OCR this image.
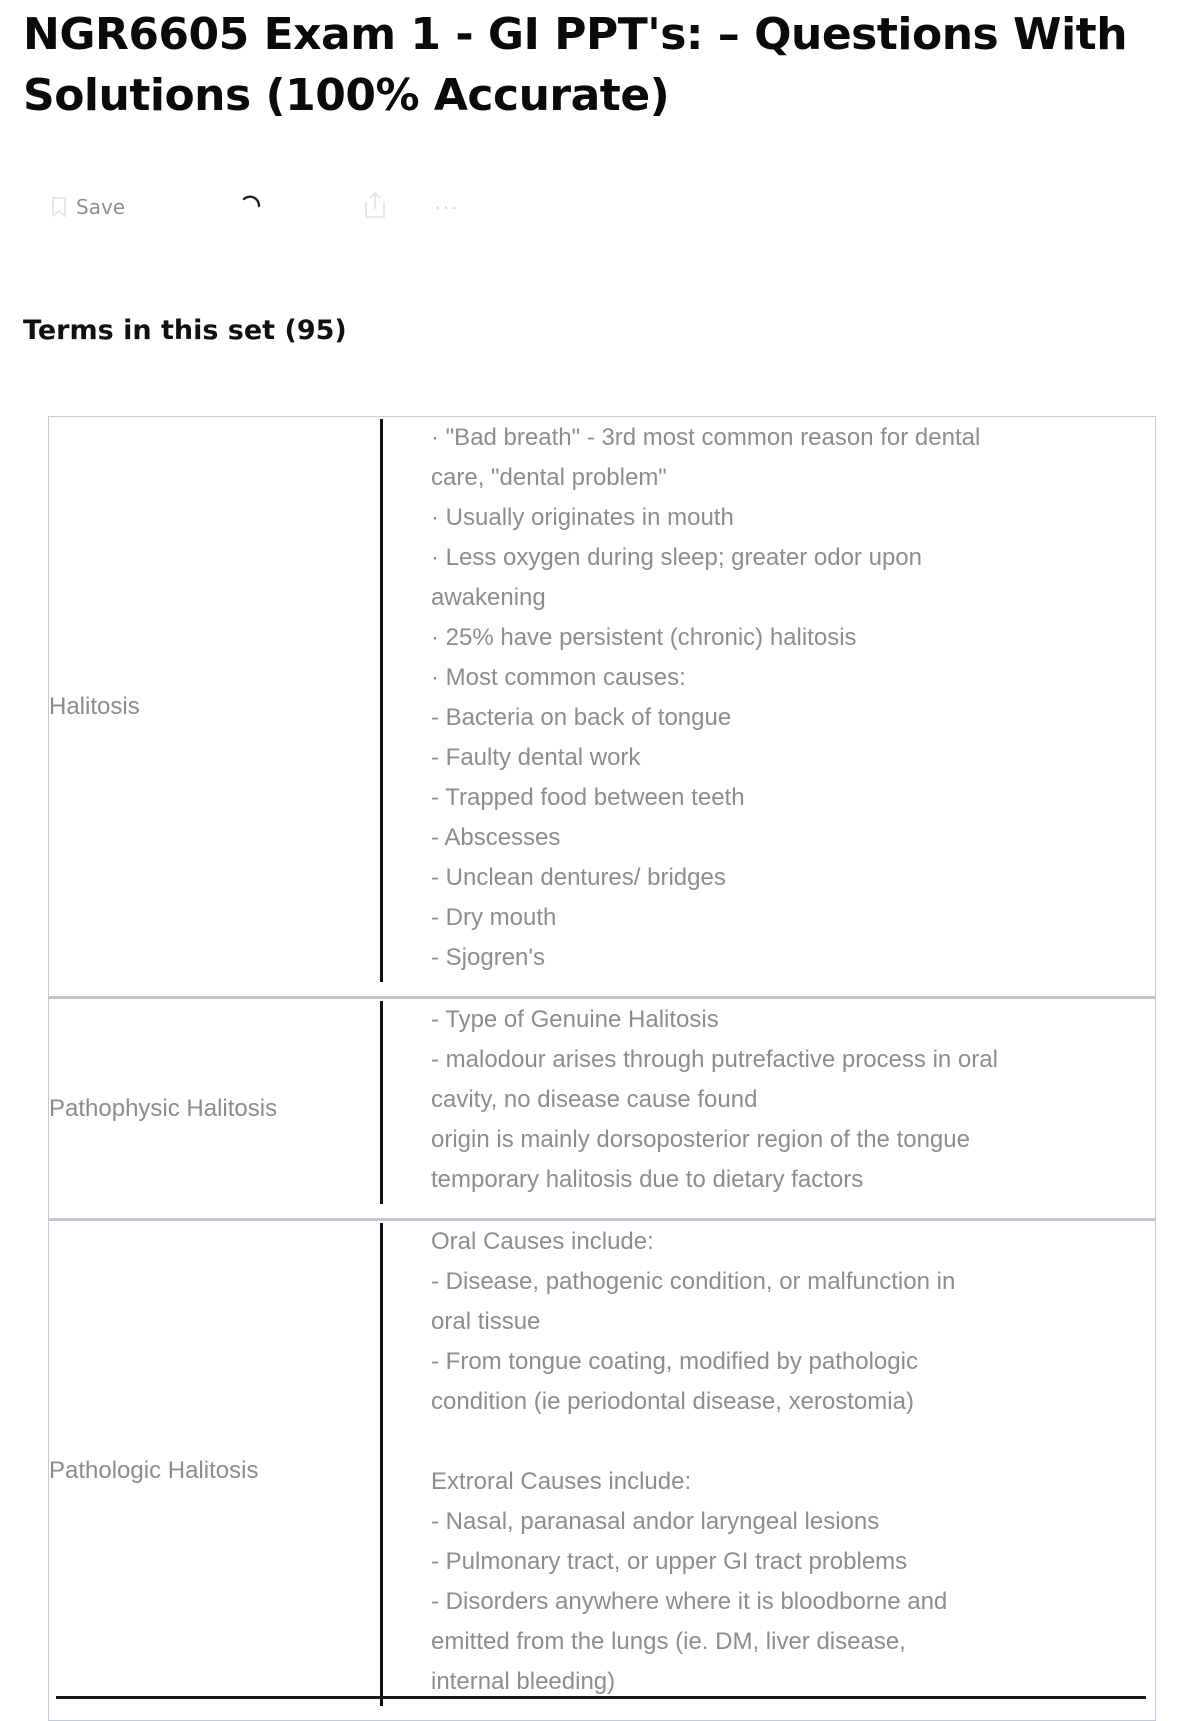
NGR6605 Exam 1 - GI PPT's: – Questions With Solutions (100% Accurate)
Save	···
Terms in this set (95)
Halitosis
· "Bad breath" - 3rd most common reason for dental
care, "dental problem"
· Usually originates in mouth
· Less oxygen during sleep; greater odor upon
awakening
· 25% have persistent (chronic) halitosis
· Most common causes:
- Bacteria on back of tongue
- Faulty dental work
- Trapped food between teeth
- Abscesses
- Unclean dentures/ bridges
- Dry mouth
- Sjogren's
Pathophysic Halitosis
- Type of Genuine Halitosis
- malodour arises through putrefactive process in oral
cavity, no disease cause found
origin is mainly dorsoposterior region of the tongue
temporary halitosis due to dietary factors
Pathologic Halitosis
Oral Causes include:
- Disease, pathogenic condition, or malfunction in
oral tissue
- From tongue coating, modified by pathologic
condition (ie periodontal disease, xerostomia)
Extroral Causes include:
- Nasal, paranasal andor laryngeal lesions
- Pulmonary tract, or upper GI tract problems
- Disorders anywhere where it is bloodborne and
emitted from the lungs (ie. DM, liver disease,
internal bleeding)
